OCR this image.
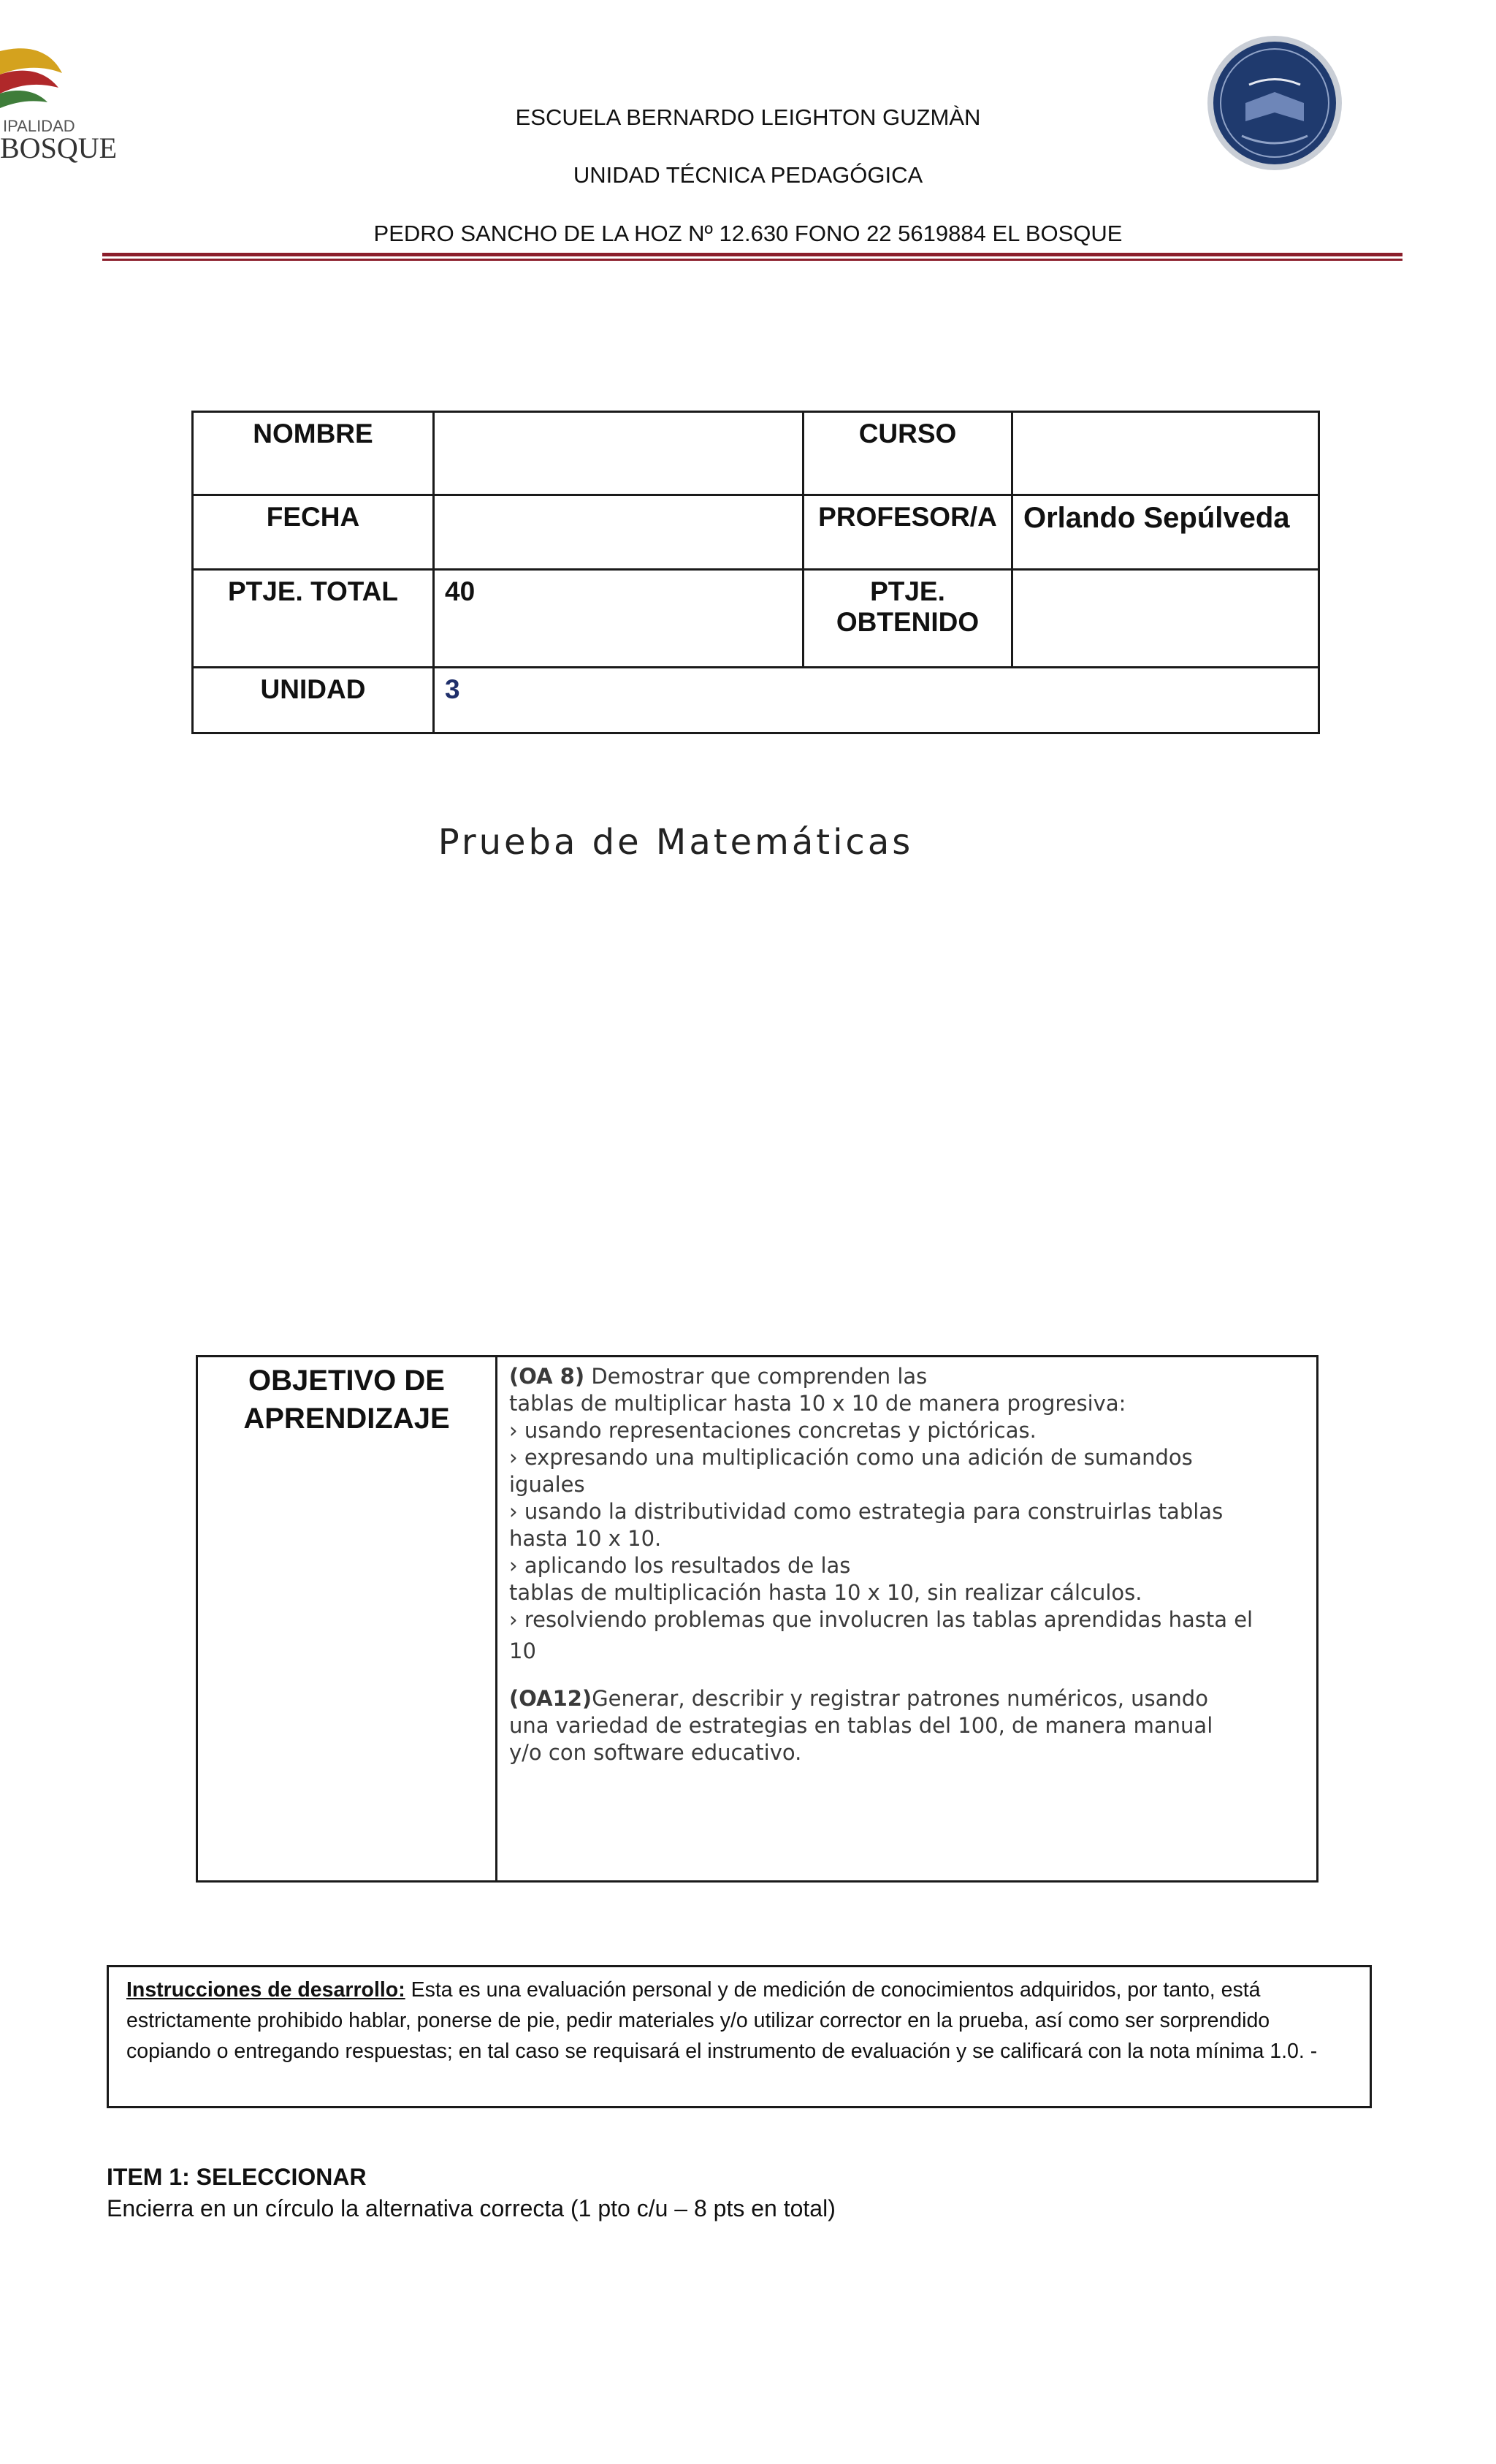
IPALIDAD
BOSQUE
ESCUELA BERNARDO LEIGHTON GUZMÀN
UNIDAD TÉCNICA PEDAGÓGICA
PEDRO SANCHO DE LA HOZ Nº 12.630 FONO 22 5619884 EL BOSQUE
NOMBRE		CURSO	
FECHA		PROFESOR/A	Orlando Sepúlveda
PTJE. TOTAL	40	PTJE.
OBTENIDO	

UNIDAD	3		
Prueba de Matemáticas
OBJETIVO DE
APRENDIZAJE

(OA 8) Demostrar que comprenden las

tablas de multiplicar hasta 10 x 10 de manera progresiva:

› usando representaciones concretas y pictóricas.

› expresando una multiplicación como una adición de sumandos

iguales

› usando la distributividad como estrategia para construirlas tablas

hasta 10 x 10.

› aplicando los resultados de las

tablas de multiplicación hasta 10 x 10, sin realizar cálculos.

› resolviendo problemas que involucren las tablas aprendidas hasta el

10

(OA12)Generar, describir y registrar patrones numéricos, usando

una variedad de estrategias en tablas del 100, de manera manual

y/o con software educativo.

Instrucciones de desarrollo: Esta es una evaluación personal y de medición de conocimientos adquiridos, por tanto, está estrictamente prohibido hablar, ponerse de pie, pedir materiales y/o utilizar corrector en la prueba, así como ser sorprendido copiando o entregando respuestas; en tal caso se requisará el instrumento de evaluación y se calificará con la nota mínima 1.0. -
ITEM 1: SELECCIONAR
Encierra en un círculo la alternativa correcta (1 pto c/u – 8 pts en total)
